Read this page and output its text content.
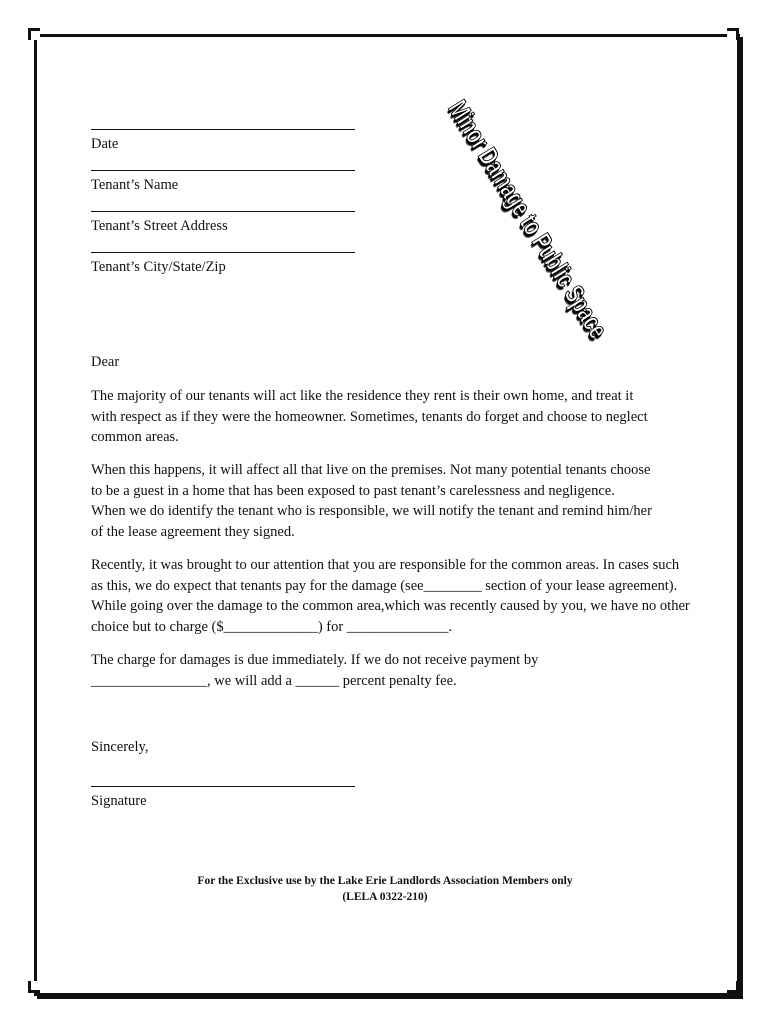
Date
Tenant’s Name
Tenant’s Street Address
Tenant’s City/State/Zip	Minor Damage to Public Space
Dear
The majority of our tenants will act like the residence they rent is their own home, and treat it
with respect as if they were the homeowner. Sometimes, tenants do forget and choose to neglect
common areas.
When this happens, it will affect all that live on the premises. Not many potential tenants choose
to be a guest in a home that has been exposed to past tenant’s carelessness and negligence.
When we do identify the tenant who is responsible, we will notify the tenant and remind him/her
of the lease agreement they signed.
Recently, it was brought to our attention that you are responsible for the common areas. In cases such
as this, we do expect that tenants pay for the damage (see________ section of your lease agreement).
While going over the damage to the common area,which was recently caused by you, we have no other
choice but to charge ($_____________) for ______________.
The charge for damages is due immediately. If we do not receive payment by
________________, we will add a ______ percent penalty fee.
Sincerely,
Signature
For the Exclusive use by the Lake Erie Landlords Association Members only
(LELA 0322-210)
